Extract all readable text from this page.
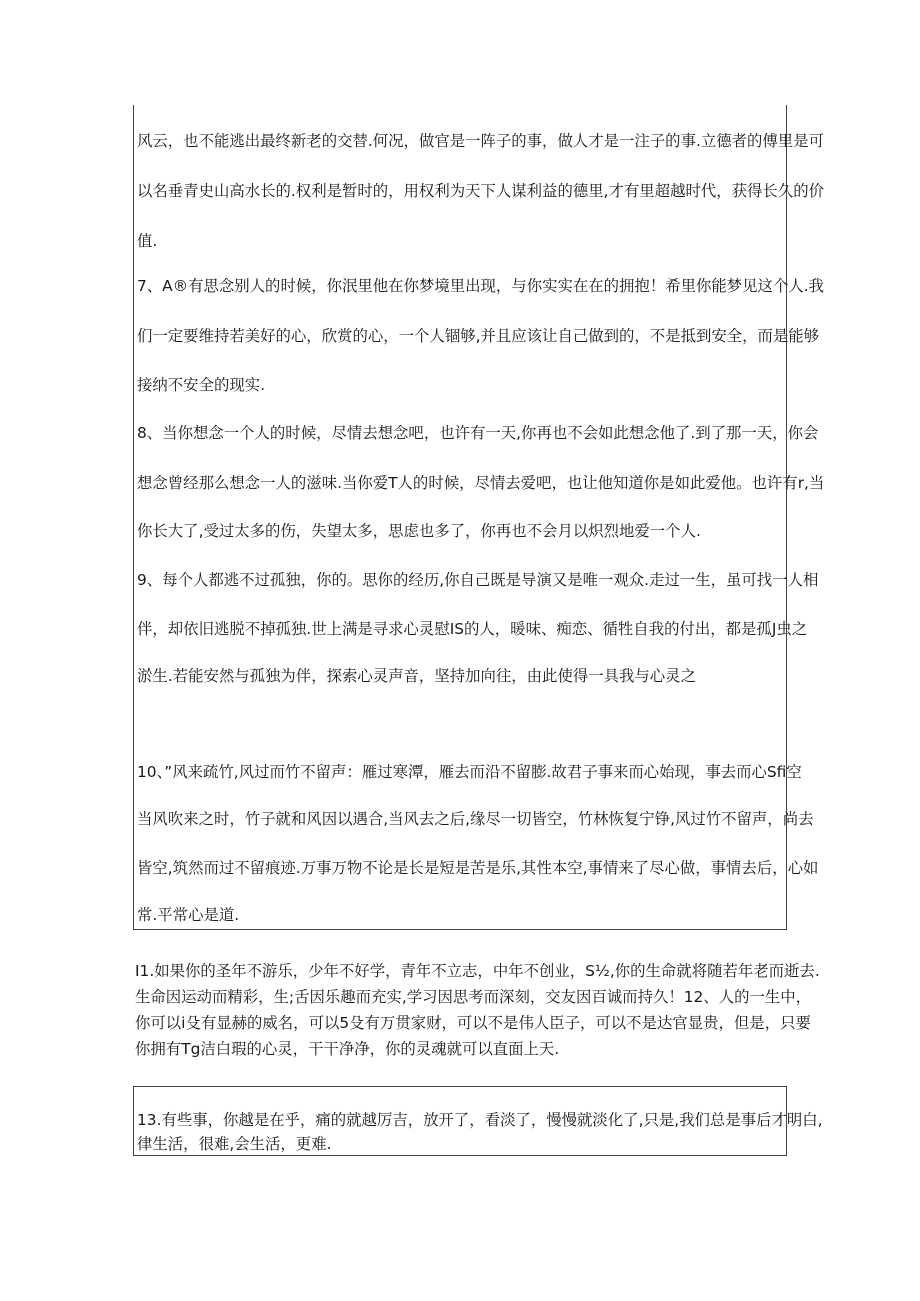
风云，也不能逃出最终新老的交替.何况，做官是一阵子的事，做人才是一注子的事.立德者的傅里是可
以名垂青史山高水长的.权利是暂时的，用权利为天下人谋利益的德里,才有里超越时代，获得长久的价
值.
7、A®有思念别人的时候，你泯里他在你梦境里出现，与你实实在在的拥抱！希里你能梦见这个人.我
们一定要维持若美好的心，欣赏的心，一个人锢够,并且应该让自己做到的，不是抵到安全，而是能够
接纳不安全的现实.
8、当你想念一个人的时候，尽情去想念吧，也许有一天,你再也不会如此想念他了.到了那一天，你会
想念曾经那么想念一人的滋味.当你爱T人的时候，尽情去爱吧，也让他知道你是如此爱他。也许有r,当
你长大了,受过太多的伤，失望太多，思虑也多了，你再也不会月以炽烈地爱一个人.
9、每个人都逃不过孤独，你的。思你的经历,你自己既是导演又是唯一观众.走过一生，虽可找一人相
伴，却依旧逃脱不掉孤独.世上满是寻求心灵慰IS的人，暖味、痴恋、循牲自我的付出，都是孤J虫之
淤生.若能安然与孤独为伴，探索心灵声音，坚持加向往，由此使得一具我与心灵之
10、”风来疏竹,风过而竹不留声：雁过寒潭，雁去而沿不留膨.故君子事来而心始现，事去而心Sfi空
当风吹来之时，竹子就和风因以遇合,当风去之后,缘尽一切皆空，竹林恢复宁铮,风过竹不留声，尚去
皆空,筑然而过不留痕迹.万事万物不论是长是短是苦是乐,其性本空,事情来了尽心做，事情去后，心如
常.平常心是道.
I1.如果你的圣年不游乐，少年不好学，青年不立志，中年不创业，S½,你的生命就将随若年老而逝去.
生命因运动而精彩，生;舌因乐趣而充实,学习因思考而深刻，交友因百诚而持久！12、人的一生中，
你可以i殳有显赫的威名，可以5殳有万贯家财，可以不是伟人臣子，可以不是达官显贵，但是，只要
你拥有Tg洁白瑕的心灵，干干净净，你的灵魂就可以直面上天.
13.有些事，你越是在乎，痛的就越厉吉，放开了，看淡了，慢慢就淡化了,只是,我们总是事后才明白,
律生活，很难,会生活，更难.
